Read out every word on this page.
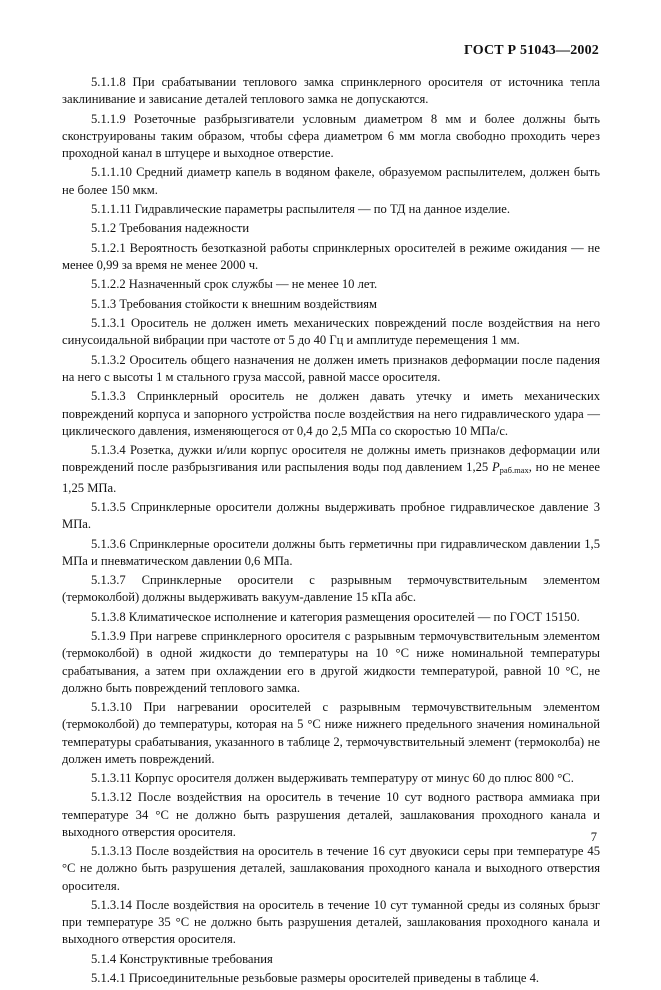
ГОСТ Р 51043—2002

5.1.1.8 При срабатывании теплового замка спринклерного оросителя от источника тепла заклинивание и зависание деталей теплового замка не допускаются.

5.1.1.9 Розеточные разбрызгиватели условным диаметром 8 мм и более должны быть сконструированы таким образом, чтобы сфера диаметром 6 мм могла свободно проходить через проходной канал в штуцере и выходное отверстие.

5.1.1.10 Средний диаметр капель в водяном факеле, образуемом распылителем, должен быть не более 150 мкм.

5.1.1.11 Гидравлические параметры распылителя — по ТД на данное изделие.

5.1.2 Требования надежности

5.1.2.1 Вероятность безотказной работы спринклерных оросителей в режиме ожидания — не менее 0,99 за время не менее 2000 ч.

5.1.2.2 Назначенный срок службы — не менее 10 лет.

5.1.3 Требования стойкости к внешним воздействиям

5.1.3.1 Ороситель не должен иметь механических повреждений после воздействия на него синусоидальной вибрации при частоте от 5 до 40 Гц и амплитуде перемещения 1 мм.

5.1.3.2 Ороситель общего назначения не должен иметь признаков деформации после падения на него с высоты 1 м стального груза массой, равной массе оросителя.

5.1.3.3 Спринклерный ороситель не должен давать утечку и иметь механических повреждений корпуса и запорного устройства после воздействия на него гидравлического удара — циклического давления, изменяющегося от 0,4 до 2,5 МПа со скоростью 10 МПа/с.

5.1.3.4 Розетка, дужки и/или корпус оросителя не должны иметь признаков деформации или повреждений после разбрызгивания или распыления воды под давлением 1,25 $P_{раб.max}$, но не менее 1,25 МПа.

5.1.3.5 Спринклерные оросители должны выдерживать пробное гидравлическое давление 3 МПа.

5.1.3.6 Спринклерные оросители должны быть герметичны при гидравлическом давлении 1,5 МПа и пневматическом давлении 0,6 МПа.

5.1.3.7 Спринклерные оросители с разрывным термочувствительным элементом (термоколбой) должны выдерживать вакуум-давление 15 кПа абс.

5.1.3.8 Климатическое исполнение и категория размещения оросителей — по ГОСТ 15150.

5.1.3.9 При нагреве спринклерного оросителя с разрывным термочувствительным элементом (термоколбой) в одной жидкости до температуры на 10 °С ниже номинальной температуры срабатывания, а затем при охлаждении его в другой жидкости температурой, равной 10 °С, не должно быть повреждений теплового замка.

5.1.3.10 При нагревании оросителей с разрывным термочувствительным элементом (термоколбой) до температуры, которая на 5 °С ниже нижнего предельного значения номинальной температуры срабатывания, указанного в таблице 2, термочувствительный элемент (термоколба) не должен иметь повреждений.

5.1.3.11 Корпус оросителя должен выдерживать температуру от минус 60 до плюс 800 °С.

5.1.3.12 После воздействия на ороситель в течение 10 сут водного раствора аммиака при температуре 34 °С не должно быть разрушения деталей, зашлакования проходного канала и выходного отверстия оросителя.

5.1.3.13 После воздействия на ороситель в течение 16 сут двуокиси серы при температуре 45 °С не должно быть разрушения деталей, зашлакования проходного канала и выходного отверстия оросителя.

5.1.3.14 После воздействия на ороситель в течение 10 сут туманной среды из соляных брызг при температуре 35 °С не должно быть разрушения деталей, зашлакования проходного канала и выходного отверстия оросителя.

5.1.4 Конструктивные требования

5.1.4.1 Присоединительные резьбовые размеры оросителей приведены в таблице 4.

7
